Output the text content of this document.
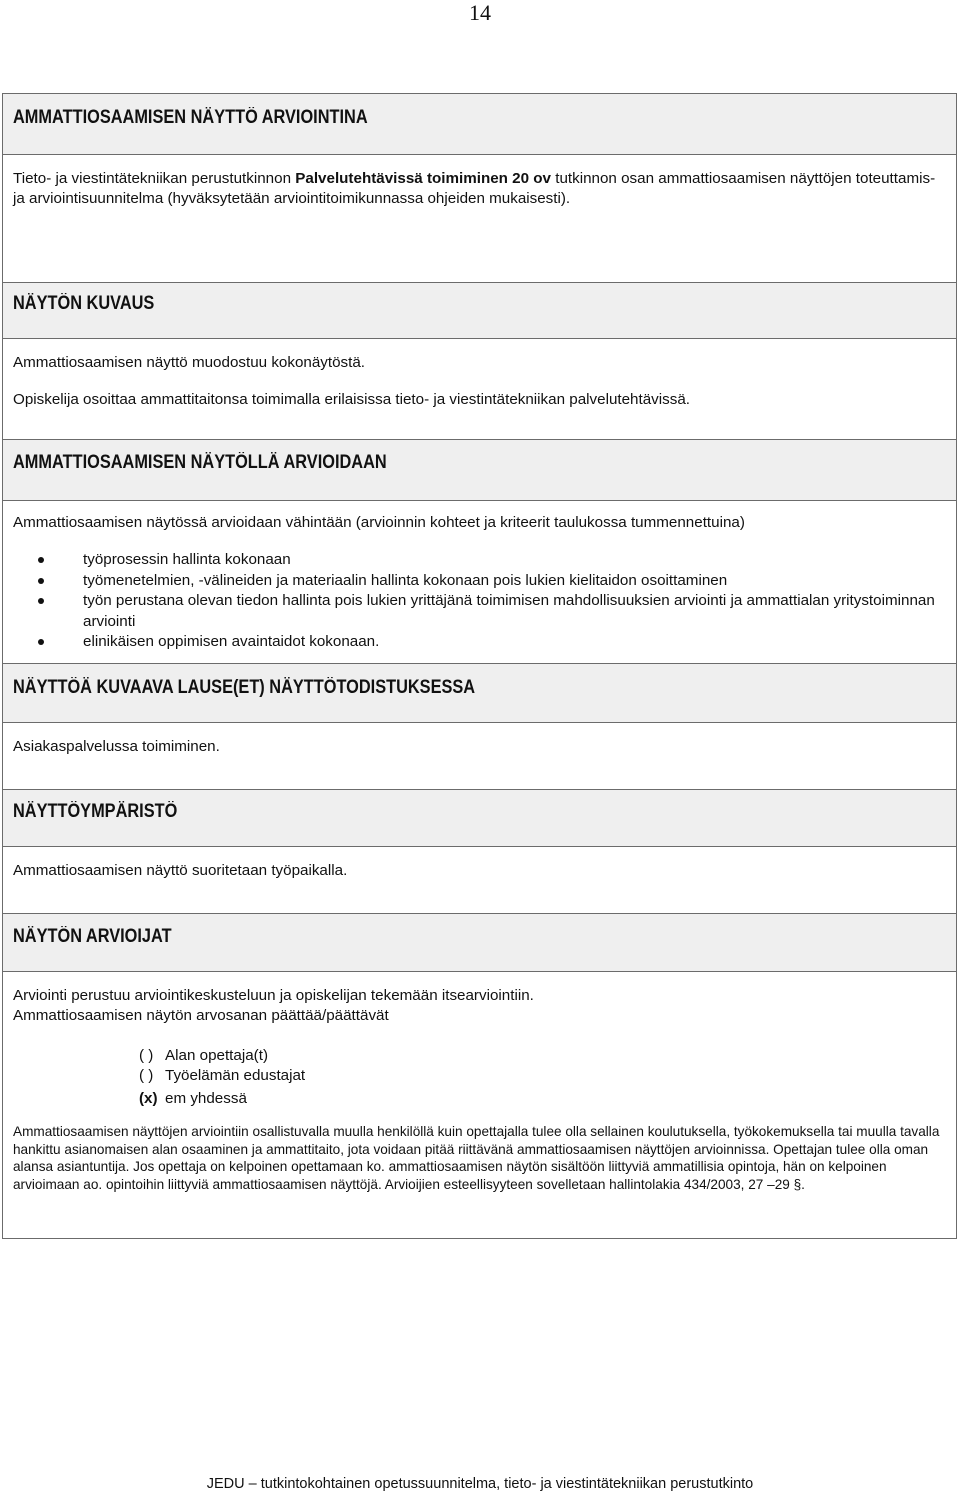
14
AMMATTIOSAAMISEN NÄYTTÖ ARVIOINTINA

Tieto- ja viestintätekniikan perustutkinnon Palvelutehtävissä toimiminen 20 ov tutkinnon osan ammattiosaamisen näyttöjen toteuttamis- ja arviointisuunnitelma (hyväksytetään arviointitoimikunnassa ohjeiden mukaisesti).

NÄYTÖN KUVAUS

Ammattiosaamisen näyttö muodostuu kokonäytöstä.
Opiskelija osoittaa ammattitaitonsa toimimalla erilaisissa tieto- ja viestintätekniikan palvelutehtävissä.

AMMATTIOSAAMISEN NÄYTÖLLÄ ARVIOIDAAN

Ammattiosaamisen näytössä arvioidaan vähintään (arvioinnin kohteet ja kriteerit taulukossa tummennettuina)
työprosessin hallinta kokonaan
työmenetelmien, -välineiden ja materiaalin hallinta kokonaan pois lukien kielitaidon osoittaminen
työn perustana olevan tiedon hallinta pois lukien yrittäjänä toimimisen mahdollisuuksien arviointi ja ammattialan yritystoiminnan arviointi
elinikäisen oppimisen avaintaidot kokonaan.

NÄYTTÖÄ KUVAAVA LAUSE(ET) NÄYTTÖTODISTUKSESSA

Asiakaspalvelussa toimiminen.

NÄYTTÖYMPÄRISTÖ

Ammattiosaamisen näyttö suoritetaan työpaikalla.

NÄYTÖN ARVIOIJAT

Arviointi perustuu arviointikeskusteluun ja opiskelijan tekemään itsearviointiin.
Ammattiosaamisen näytön arvosanan päättää/päättävät
( ) Alan opettaja(t)
( ) Työelämän edustajat
(x) em yhdessä
Ammattiosaamisen näyttöjen arviointiin osallistuvalla muulla henkilöllä kuin opettajalla tulee olla sellainen koulutuksella, työkokemuksella tai muulla tavalla hankittu asianomaisen alan osaaminen ja ammattitaito, jota voidaan pitää riittävänä ammattiosaamisen näyttöjen arvioinnissa. Opettajan tulee olla oman alansa asiantuntija. Jos opettaja on kelpoinen opettamaan ko. ammattiosaamisen näytön sisältöön liittyviä ammatillisia opintoja, hän on kelpoinen arvioimaan ao. opintoihin liittyviä ammattiosaamisen näyttöjä. Arvioijien esteellisyyteen sovelletaan hallintolakia 434/2003, 27 ‒29 §.
JEDU – tutkintokohtainen opetussuunnitelma, tieto- ja viestintätekniikan perustutkinto
